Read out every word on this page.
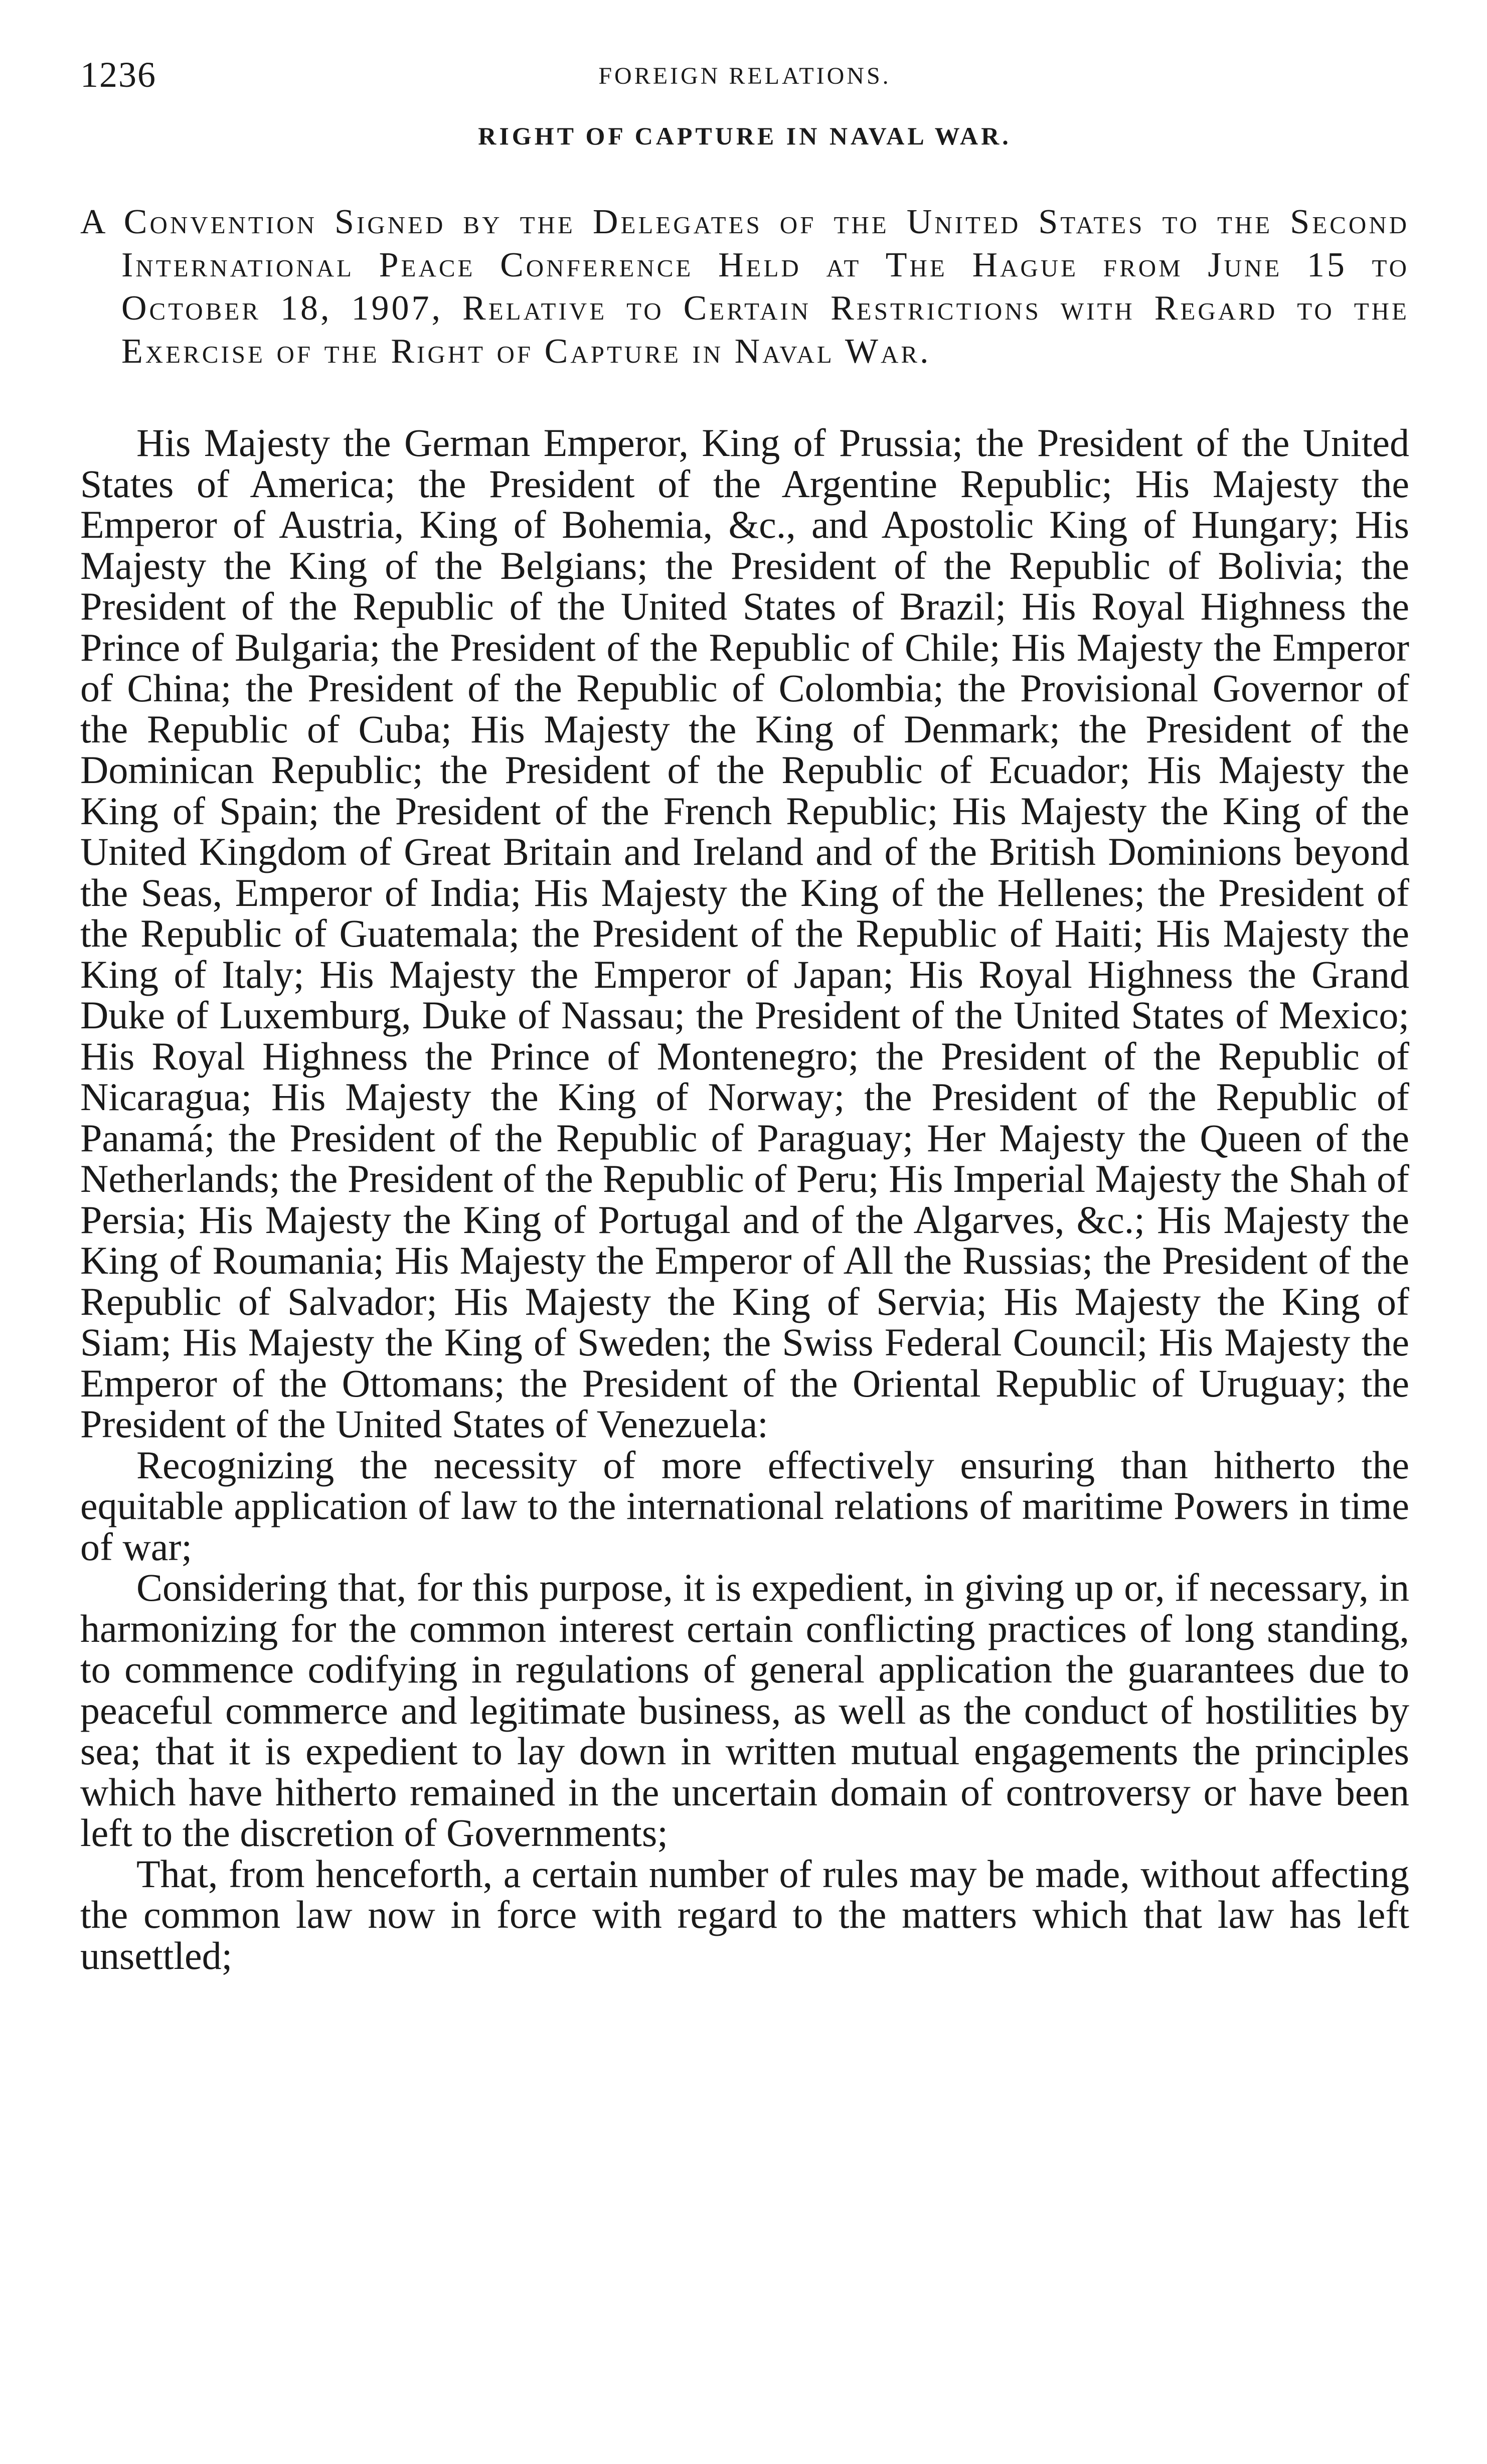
1236	FOREIGN RELATIONS.
RIGHT OF CAPTURE IN NAVAL WAR.
A Convention Signed by the Delegates of the United States to the Second International Peace Conference Held at The Hague from June 15 to October 18, 1907, Relative to Certain Restrictions with Regard to the Exercise of the Right of Capture in Naval War.

His Majesty the German Emperor, King of Prussia; the President of the United States of America; the President of the Argentine Republic; His Majesty the Emperor of Austria, King of Bohemia, &c., and Apostolic King of Hungary; His Majesty the King of the Belgians; the President of the Republic of Bolivia; the President of the Republic of the United States of Brazil; His Royal Highness the Prince of Bulgaria; the President of the Republic of Chile; His Majesty the Emperor of China; the President of the Republic of Colombia; the Provisional Governor of the Republic of Cuba; His Majesty the King of Denmark; the President of the Dominican Republic; the President of the Republic of Ecuador; His Majesty the King of Spain; the President of the French Republic; His Majesty the King of the United Kingdom of Great Britain and Ireland and of the British Dominions beyond the Seas, Emperor of India; His Majesty the King of the Hellenes; the President of the Republic of Guatemala; the President of the Republic of Haiti; His Majesty the King of Italy; His Majesty the Emperor of Japan; His Royal Highness the Grand Duke of Luxemburg, Duke of Nassau; the President of the United States of Mexico; His Royal Highness the Prince of Montenegro; the President of the Republic of Nicaragua; His Majesty the King of Norway; the President of the Republic of Panamá; the President of the Republic of Paraguay; Her Majesty the Queen of the Netherlands; the President of the Republic of Peru; His Imperial Majesty the Shah of Persia; His Majesty the King of Portugal and of the Algarves, &c.; His Majesty the King of Roumania; His Majesty the Emperor of All the Russias; the President of the Republic of Salvador; His Majesty the King of Servia; His Majesty the King of Siam; His Majesty the King of Sweden; the Swiss Federal Council; His Majesty the Emperor of the Ottomans; the President of the Oriental Republic of Uruguay; the President of the United States of Venezuela:

Recognizing the necessity of more effectively ensuring than hitherto the equitable application of law to the international relations of maritime Powers in time of war;

Considering that, for this purpose, it is expedient, in giving up or, if necessary, in harmonizing for the common interest certain conflicting practices of long standing, to commence codifying in regulations of general application the guarantees due to peaceful commerce and legitimate business, as well as the conduct of hostilities by sea; that it is expedient to lay down in written mutual engagements the principles which have hitherto remained in the uncertain domain of controversy or have been left to the discretion of Governments;

That, from henceforth, a certain number of rules may be made, without affecting the common law now in force with regard to the matters which that law has left unsettled;
